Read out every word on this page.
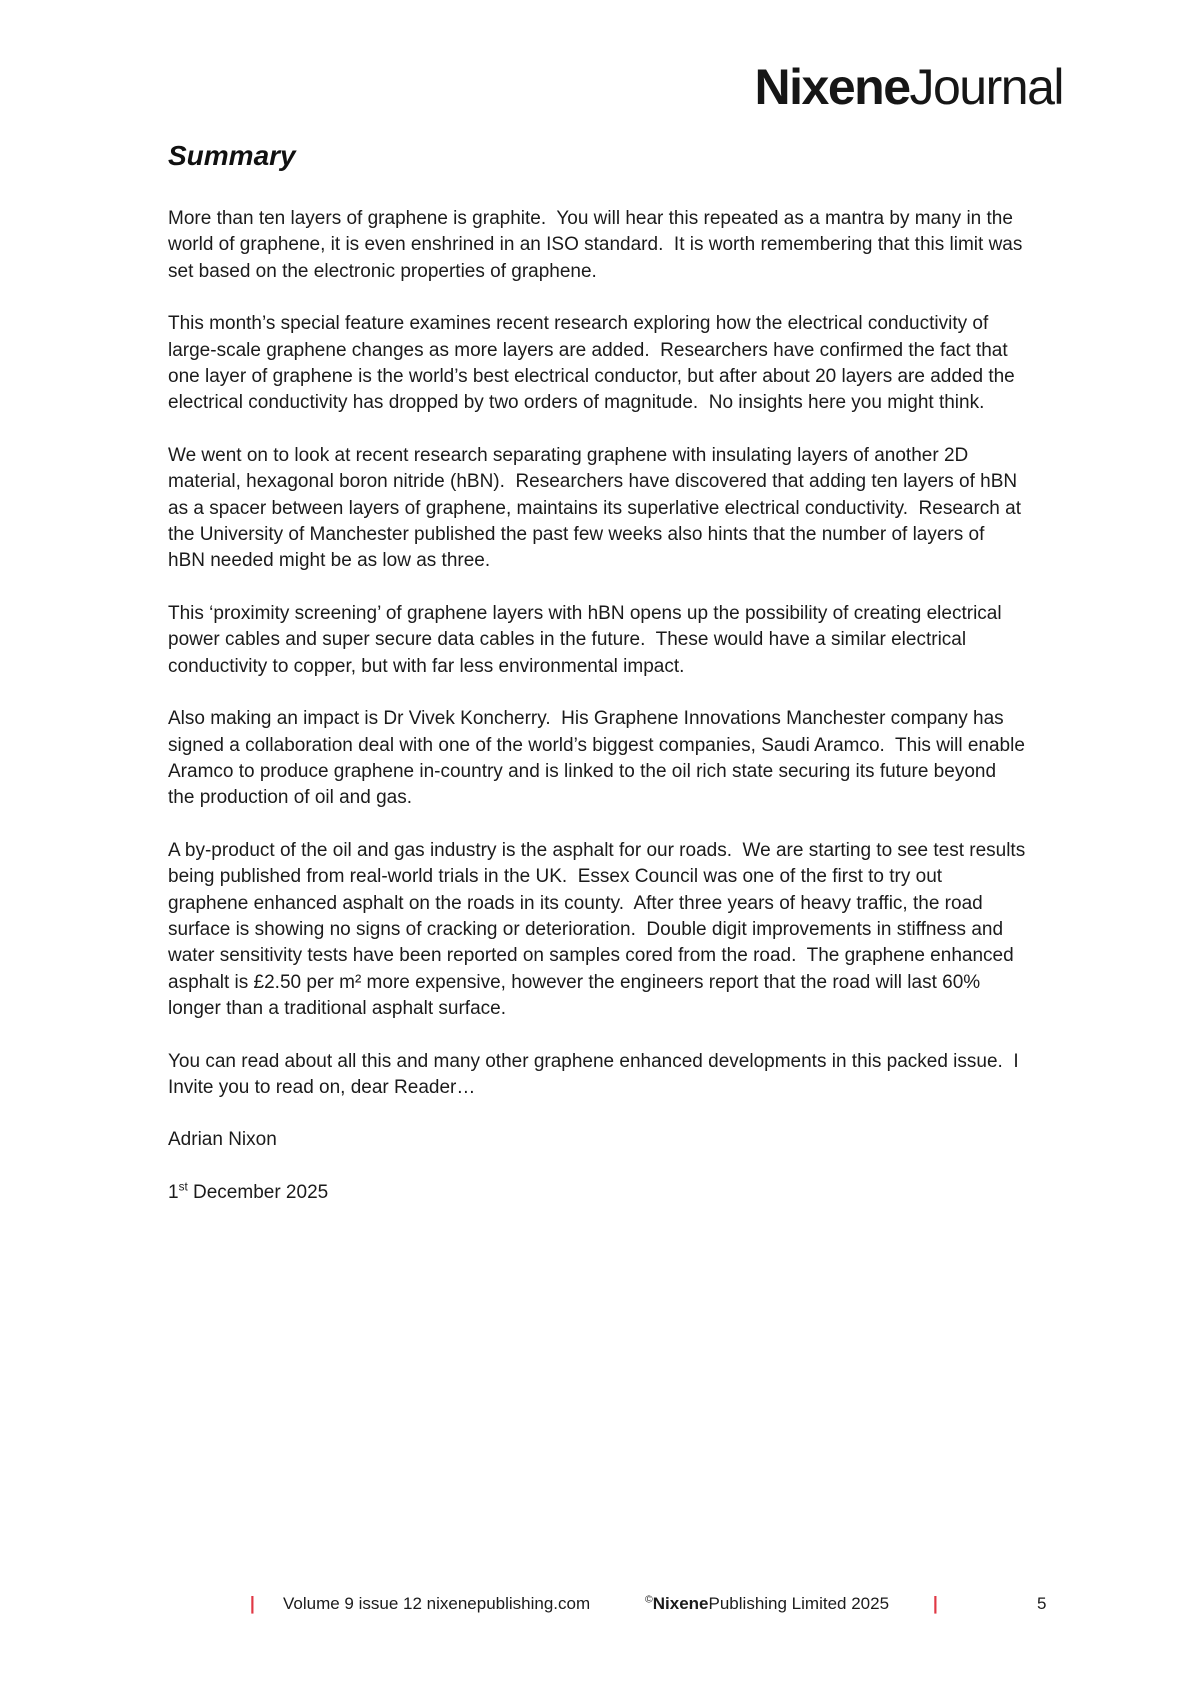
NixeneJournal
Summary

More than ten layers of graphene is graphite.  You will hear this repeated as a mantra by many in the world of graphene, it is even enshrined in an ISO standard.  It is worth remembering that this limit was set based on the electronic properties of graphene.

This month’s special feature examines recent research exploring how the electrical conductivity of large-scale graphene changes as more layers are added.  Researchers have confirmed the fact that one layer of graphene is the world’s best electrical conductor, but after about 20 layers are added the electrical conductivity has dropped by two orders of magnitude.  No insights here you might think.

We went on to look at recent research separating graphene with insulating layers of another 2D material, hexagonal boron nitride (hBN).  Researchers have discovered that adding ten layers of hBN as a spacer between layers of graphene, maintains its superlative electrical conductivity.  Research at the University of Manchester published the past few weeks also hints that the number of layers of hBN needed might be as low as three.

This ‘proximity screening’ of graphene layers with hBN opens up the possibility of creating electrical power cables and super secure data cables in the future.  These would have a similar electrical conductivity to copper, but with far less environmental impact.

Also making an impact is Dr Vivek Koncherry.  His Graphene Innovations Manchester company has signed a collaboration deal with one of the world’s biggest companies, Saudi Aramco.  This will enable Aramco to produce graphene in-country and is linked to the oil rich state securing its future beyond the production of oil and gas.

A by-product of the oil and gas industry is the asphalt for our roads.  We are starting to see test results being published from real-world trials in the UK.  Essex Council was one of the first to try out graphene enhanced asphalt on the roads in its county.  After three years of heavy traffic, the road surface is showing no signs of cracking or deterioration.  Double digit improvements in stiffness and water sensitivity tests have been reported on samples cored from the road.  The graphene enhanced asphalt is £2.50 per m² more expensive, however the engineers report that the road will last 60% longer than a traditional asphalt surface.

You can read about all this and many other graphene enhanced developments in this packed issue.  I Invite you to read on, dear Reader…

Adrian Nixon

1st December 2025

| Volume 9 issue 12 nixenepublishing.com	©Nixene Publishing Limited 2025	|	5
